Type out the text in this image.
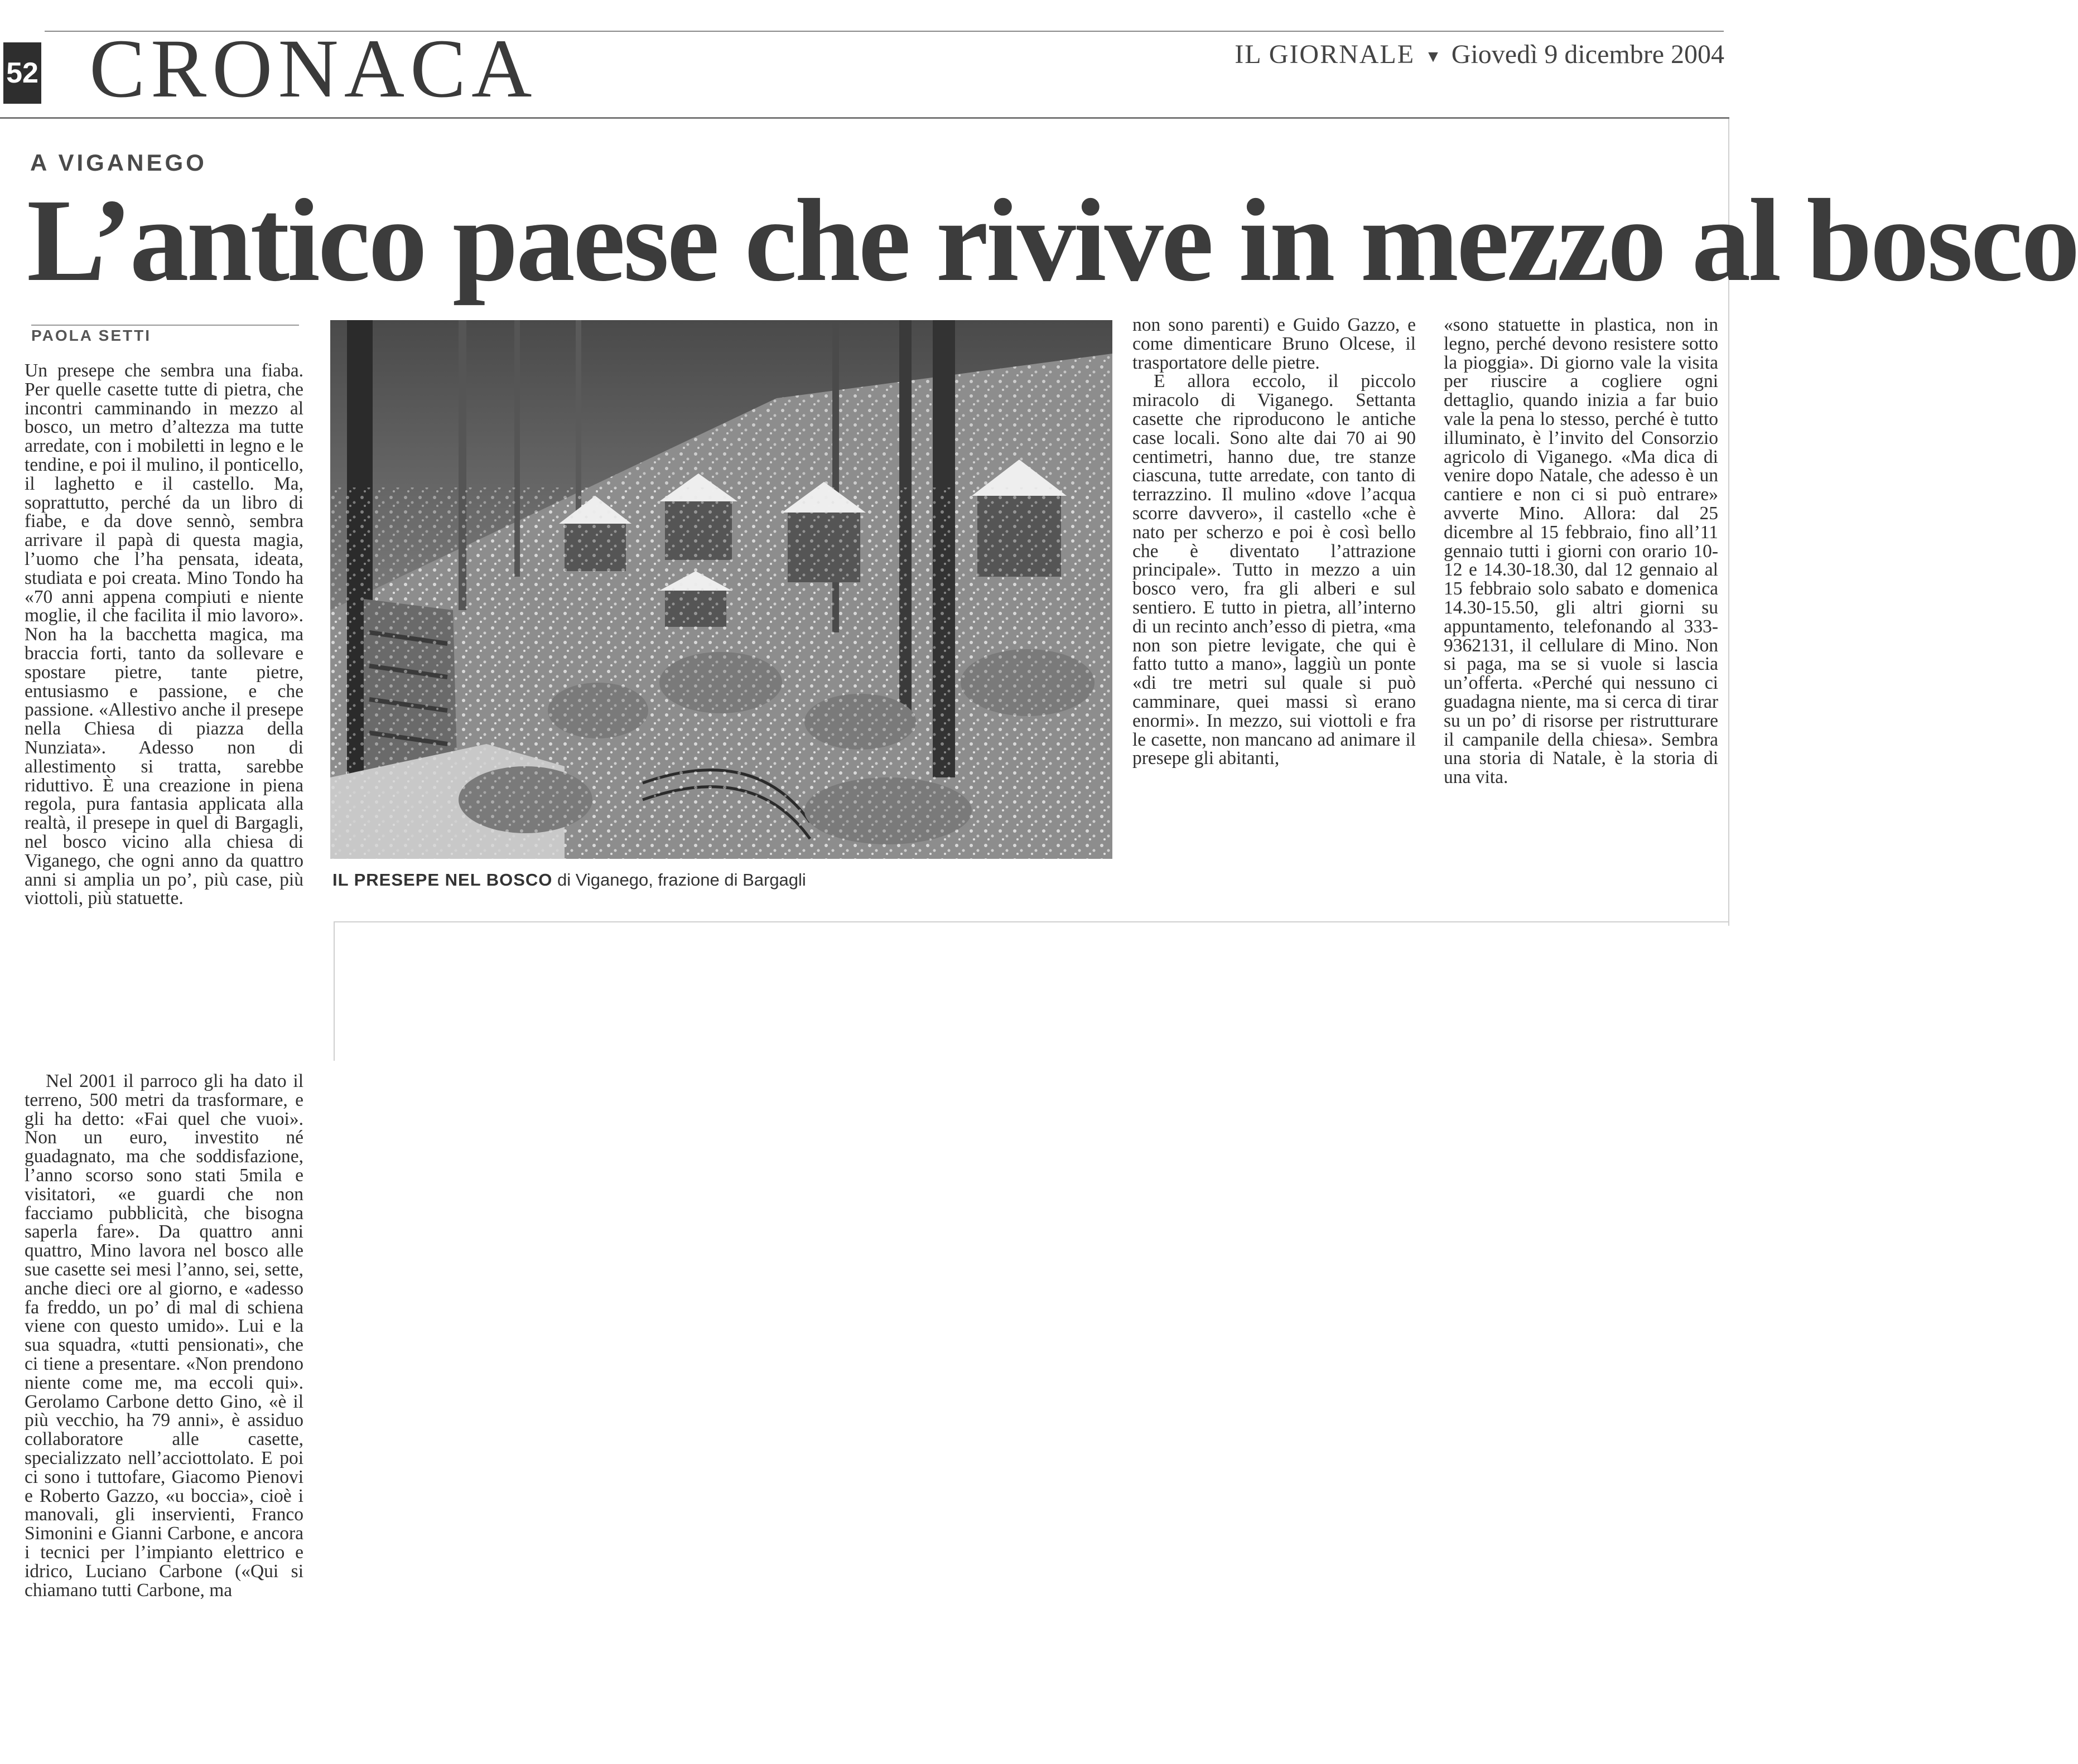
52 CRONACA	IL GIORNALE ▼ Giovedì 9 dicembre 2004
A VIGANEGO
L’antico paese che rivive in mezzo al bosco
PAOLA SETTI

Un presepe che sembra una fiaba. Per quelle casette tutte di pietra, che incontri camminando in mezzo al bosco, un metro d’altezza ma tutte arredate, con i mobiletti in legno e le tendine, e poi il mulino, il ponticello, il laghetto e il castello. Ma, soprattutto, perché da un libro di fiabe, e da dove sennò, sembra arrivare il papà di questa magia, l’uomo che l’ha pensata, ideata, studiata e poi creata. Mino Tondo ha «70 anni appena compiuti e niente moglie, il che facilita il mio lavoro». Non ha la bacchetta magica, ma braccia forti, tanto da sollevare e spostare pietre, tante pietre, entusiasmo e passione, e che passione. «Allestivo anche il presepe nella Chiesa di piazza della Nunziata». Adesso non di allestimento si tratta, sarebbe riduttivo. È una creazione in piena regola, pura fantasia applicata alla realtà, il presepe in quel di Bargagli, nel bosco vicino alla chiesa di Viganego, che ogni anno da quattro anni si amplia un po’, più case, più viottoli, più statuette.

Nel 2001 il parroco gli ha dato il terreno, 500 metri da trasformare, e gli ha detto: «Fai quel che vuoi». Non un euro, investito né guadagnato, ma che soddisfazione, l’anno scorso sono stati 5mila e visitatori, «e guardi che non facciamo pubblicità, che bisogna saperla fare». Da quattro anni quattro, Mino lavora nel bosco alle sue casette sei mesi l’anno, sei, sette, anche dieci ore al giorno, e «adesso fa freddo, un po’ di mal di schiena viene con questo umido». Lui e la sua squadra, «tutti pensionati», che ci tiene a presentare. «Non prendono niente come me, ma eccoli qui». Gerolamo Carbone detto Gino, «è il più vecchio, ha 79 anni», è assiduo collaboratore alle casette, specializzato nell’acciottolato. E poi ci sono i tuttofare, Giacomo Pienovi e Roberto Gazzo, «u boccia», cioè i manovali, gli inservienti, Franco Simonini e Gianni Carbone, e ancora i tecnici per l’impianto elettrico e idrico, Luciano Carbone («Qui si chiamano tutti Carbone, ma

IL PRESEPE NEL BOSCO di Viganego, frazione di Bargagli

non sono parenti) e Guido Gazzo, e come dimenticare Bruno Olcese, il trasportatore delle pietre.

E allora eccolo, il piccolo miracolo di Viganego. Settanta casette che riproducono le antiche case locali. Sono alte dai 70 ai 90 centimetri, hanno due, tre stanze ciascuna, tutte arredate, con tanto di terrazzino. Il mulino «dove l’acqua scorre davvero», il castello «che è nato per scherzo e poi è così bello che è diventato l’attrazione principale». Tutto in mezzo a uin bosco vero, fra gli alberi e sul sentiero. E tutto in pietra, all’interno di un recinto anch’esso di pietra, «ma non son pietre levigate, che qui è fatto tutto a mano», laggiù un ponte «di tre metri sul quale si può camminare, quei massi sì erano enormi». In mezzo, sui viottoli e fra le casette, non mancano ad animare il presepe gli abitanti,

«sono statuette in plastica, non in legno, perché devono resistere sotto la pioggia». Di giorno vale la visita per riuscire a cogliere ogni dettaglio, quando inizia a far buio vale la pena lo stesso, perché è tutto illuminato, è l’invito del Consorzio agricolo di Viganego. «Ma dica di venire dopo Natale, che adesso è un cantiere e non ci si può entrare» avverte Mino. Allora: dal 25 dicembre al 15 febbraio, fino all’11 gennaio tutti i giorni con orario 10-12 e 14.30-18.30, dal 12 gennaio al 15 febbraio solo sabato e domenica 14.30-15.50, gli altri giorni su appuntamento, telefonando al 333-9362131, il cellulare di Mino. Non si paga, ma se si vuole si lascia un’offerta. «Perché qui nessuno ci guadagna niente, ma si cerca di tirar su un po’ di risorse per ristrutturare il campanile della chiesa». Sembra una storia di Natale, è la storia di una vita.
